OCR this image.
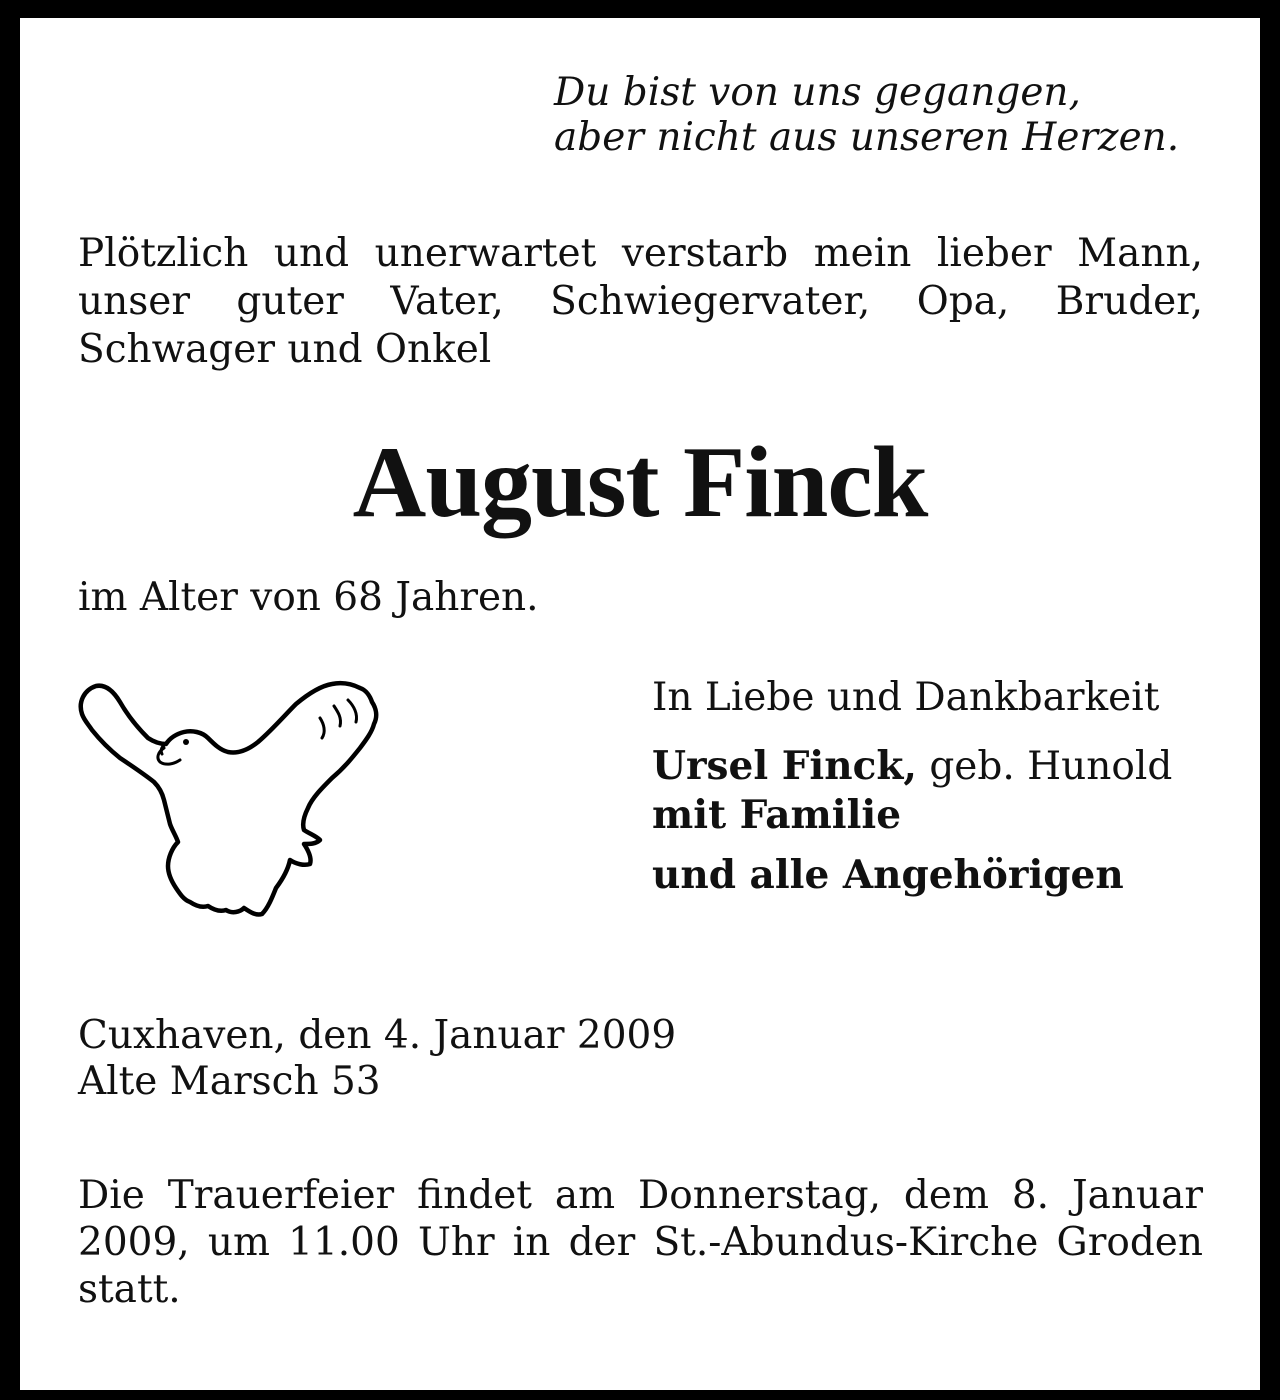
Du bist von uns gegangen,
aber nicht aus unseren Herzen.
Plötzlich und unerwartet verstarb mein lieber Mann, unser guter Vater, Schwiegervater, Opa, Bruder, Schwager und Onkel
August Finck
im Alter von 68 Jahren.
In Liebe und Dankbarkeit
Ursel Finck, geb. Hunold
mit Familie
und alle Angehörigen
Cuxhaven, den 4. Januar 2009
Alte Marsch 53
Die Trauerfeier findet am Donnerstag, dem 8. Januar 2009, um 11.00 Uhr in der St.-Abundus-Kirche Groden statt.
